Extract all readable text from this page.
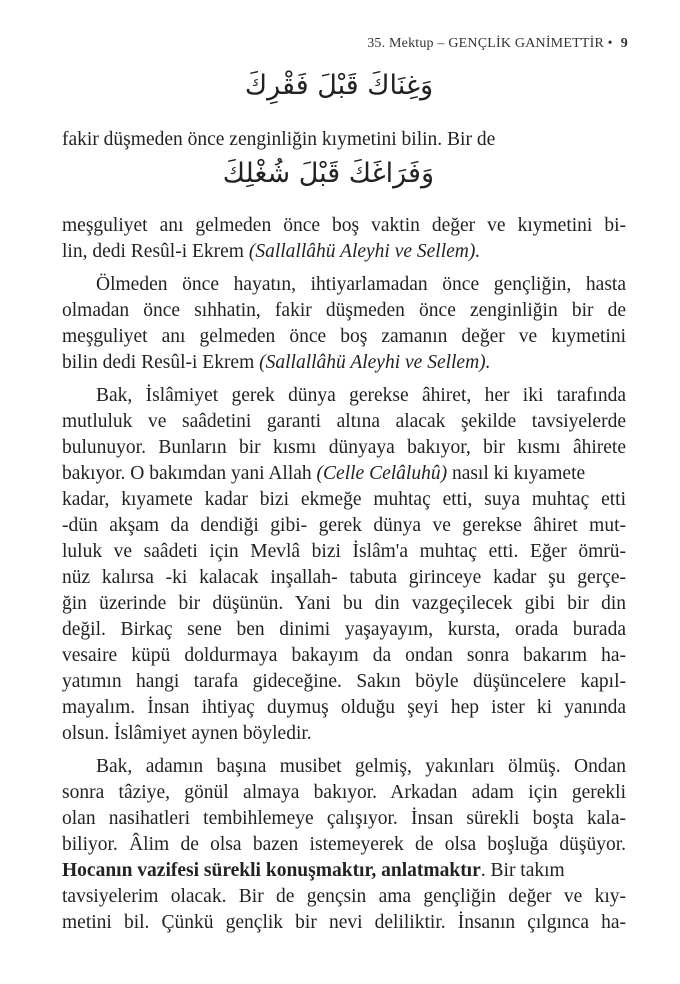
35. Mektup – GENÇLİK GANİMETTİR • 9
وَغِنَاكَ قَبْلَ فَقْرِكَ
fakir düşmeden önce zenginliğin kıymetini bilin. Bir de
وَفَرَاغَكَ قَبْلَ شُغْلِكَ
meşguliyet anı gelmeden önce boş vaktin değer ve kıymetini bi-
lin, dedi Resûl-i Ekrem (Sallallâhü Aleyhi ve Sellem).
Ölmeden önce hayatın, ihtiyarlamadan önce gençliğin, hasta
olmadan önce sıhhatin, fakir düşmeden önce zenginliğin bir de
meşguliyet anı gelmeden önce boş zamanın değer ve kıymetini
bilin dedi Resûl-i Ekrem (Sallallâhü Aleyhi ve Sellem).
Bak, İslâmiyet gerek dünya gerekse âhiret, her iki tarafında
mutluluk ve saâdetini garanti altına alacak şekilde tavsiyelerde
bulunuyor. Bunların bir kısmı dünyaya bakıyor, bir kısmı âhirete
bakıyor. O bakımdan yani Allah (Celle Celâluhû) nasıl ki kıyamete
kadar, kıyamete kadar bizi ekmeğe muhtaç etti, suya muhtaç etti
-dün akşam da dendiği gibi- gerek dünya ve gerekse âhiret mut-
luluk ve saâdeti için Mevlâ bizi İslâm'a muhtaç etti. Eğer ömrü-
nüz kalırsa -ki kalacak inşallah- tabuta girinceye kadar şu gerçe-
ğin üzerinde bir düşünün. Yani bu din vazgeçilecek gibi bir din
değil. Birkaç sene ben dinimi yaşayayım, kursta, orada burada
vesaire küpü doldurmaya bakayım da ondan sonra bakarım ha-
yatımın hangi tarafa gideceğine. Sakın böyle düşüncelere kapıl-
mayalım. İnsan ihtiyaç duymuş olduğu şeyi hep ister ki yanında
olsun. İslâmiyet aynen böyledir.
Bak, adamın başına musibet gelmiş, yakınları ölmüş. Ondan
sonra tâziye, gönül almaya bakıyor. Arkadan adam için gerekli
olan nasihatleri tembihlemeye çalışıyor. İnsan sürekli boşta kala-
biliyor. Âlim de olsa bazen istemeyerek de olsa boşluğa düşüyor.
Hocanın vazifesi sürekli konuşmaktır, anlatmaktır. Bir takım
tavsiyelerim olacak. Bir de gençsin ama gençliğin değer ve kıy-
metini bil. Çünkü gençlik bir nevi deliliktir. İnsanın çılgınca ha-
